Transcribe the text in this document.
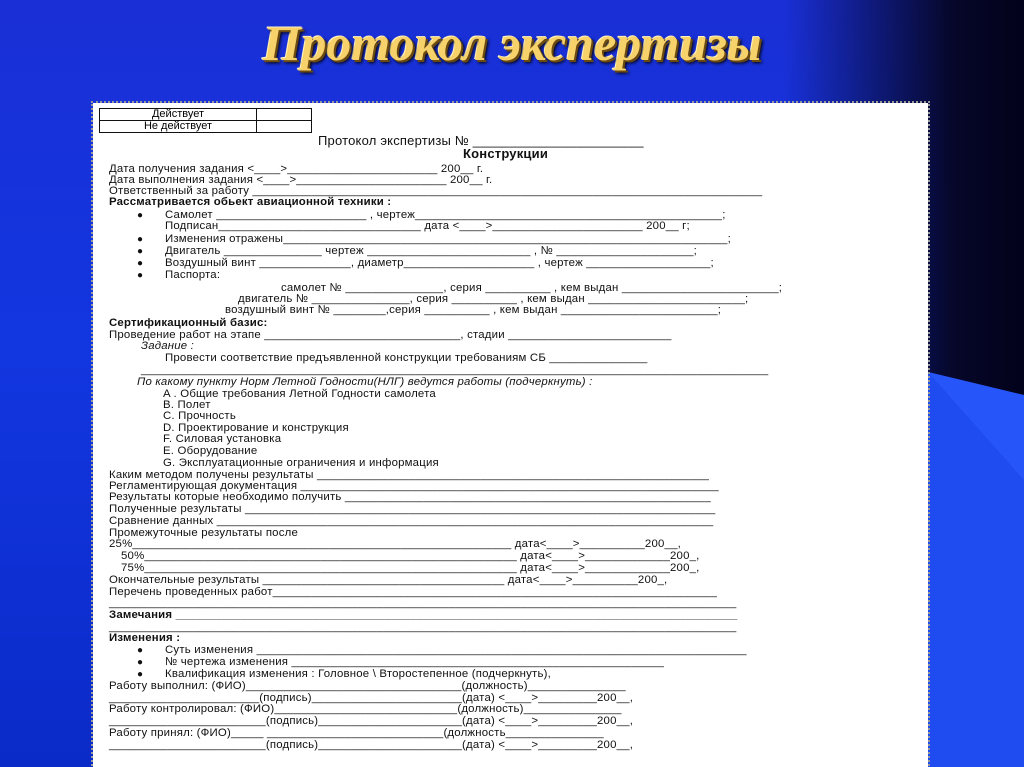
Протокол экспертизы
Действует	
Не действует	
Протокол экспертизы № _______________________
Конструкции
Дата получения задания <____>_______________________ 200__ г.
Дата выполнения задания <____>_______________________ 200__ г.
Ответственный за работу ______________________________________________________________________________
Рассматривается обьект авиационной техники :
● Самолет _______________________ , чертеж_______________________________________________;
Подписан_______________________________ дата <____>_______________________ 200__ г;
● Изменения отражены____________________________________________________________________;
● Двигатель _______________ чертеж _________________________ , № _____________________;
● Воздушный винт ______________, диаметр____________________ , чертеж ___________________;
● Паспорта:
самолет № _______________, серия __________ , кем выдан ________________________;
двигатель № _______________, серия __________ , кем выдан ________________________;
воздушный винт № ________,серия __________ , кем выдан ________________________;
Сертификационный базис:
Проведение работ на этапе ______________________________, стадии _________________________
Задание :
Провести соответствие предъявленной конструкции требованиям СБ _______________
________________________________________________________________________________________________
По какому пункту Норм Летной Годности(НЛГ) ведутся работы (подчеркнуть) :
A . Общие требования Летной Годности самолета
B. Полет
C. Прочность
D. Проектирование и конструкция
F. Силовая установка
E. Оборудование
G. Эксплуатационные ограничения и информация
Каким методом получены результаты ____________________________________________________________
Регламентирующая документация ________________________________________________________________
Результаты которые необходимо получить ________________________________________________________
Полученные результаты ________________________________________________________________________
Сравнение данных ____________________________________________________________________________
Промежуточные результаты после
25%__________________________________________________________ дата<____>__________200__,
50%_________________________________________________________ дата<____>_____________200_,
75%_________________________________________________________ дата<____>_____________200_,
Окончательные результаты _____________________________________ дата<____>__________200_,
Перечень проведенных работ____________________________________________________________________
________________________________________________________________________________________________
Замечания ______________________________________________________________________________________
________________________________________________________________________________________________
Изменения :
● Суть изменения ___________________________________________________________________________
● № чертежа изменения _________________________________________________________
● Квалификация изменения : Головное \ Второстепенное (подчеркнуть),
Работу выполнил: (ФИО)_________________________________(должность)_______________
_______________________(подпись)_______________________(дата) <____>_________200__,
Работу контролировал: (ФИО)____________________________(должность)_______________
________________________(подпись)______________________(дата) <____>_________200__,
Работу принял: (ФИО)_____ ___________________________(должность_______________
________________________(подпись)______________________(дата) <____>_________200__,
